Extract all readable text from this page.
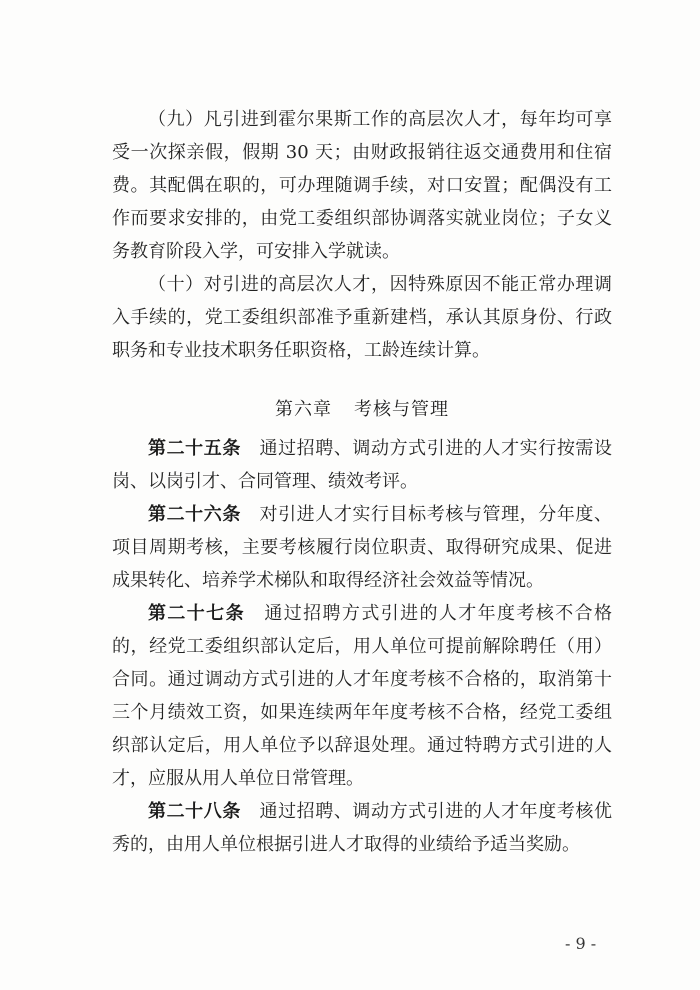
（九）凡引进到霍尔果斯工作的高层次人才，每年均可享受一次探亲假，假期 30 天；由财政报销往返交通费用和住宿费。其配偶在职的，可办理随调手续，对口安置；配偶没有工作而要求安排的，由党工委组织部协调落实就业岗位；子女义务教育阶段入学，可安排入学就读。

（十）对引进的高层次人才，因特殊原因不能正常办理调入手续的，党工委组织部准予重新建档，承认其原身份、行政职务和专业技术职务任职资格，工龄连续计算。

第六章 考核与管理

第二十五条 通过招聘、调动方式引进的人才实行按需设岗、以岗引才、合同管理、绩效考评。

第二十六条 对引进人才实行目标考核与管理，分年度、项目周期考核，主要考核履行岗位职责、取得研究成果、促进成果转化、培养学术梯队和取得经济社会效益等情况。

第二十七条 通过招聘方式引进的人才年度考核不合格的，经党工委组织部认定后，用人单位可提前解除聘任（用）合同。通过调动方式引进的人才年度考核不合格的，取消第十三个月绩效工资，如果连续两年年度考核不合格，经党工委组织部认定后，用人单位予以辞退处理。通过特聘方式引进的人才，应服从用人单位日常管理。

第二十八条 通过招聘、调动方式引进的人才年度考核优秀的，由用人单位根据引进人才取得的业绩给予适当奖励。

- 9 -
